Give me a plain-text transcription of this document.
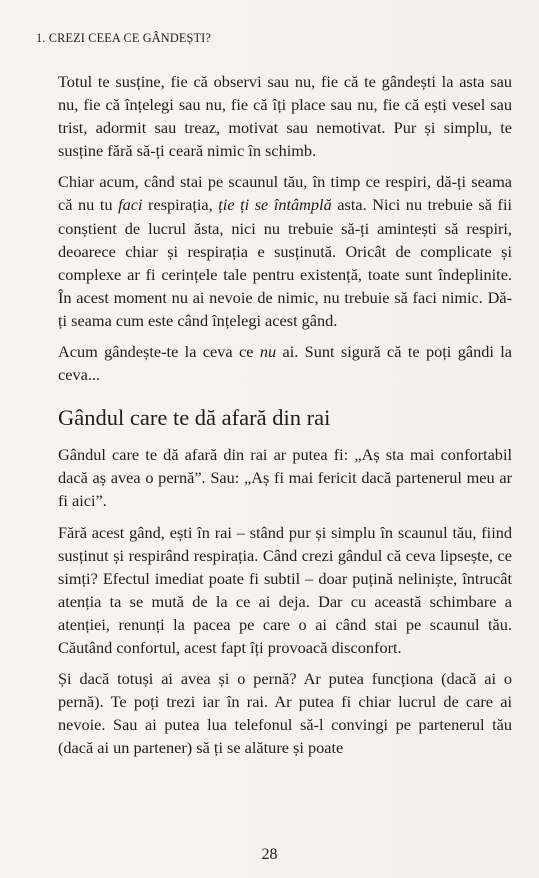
1. CREZI CEEA CE GÂNDEȘTI?

Totul te susține, fie că observi sau nu, fie că te gândești la asta sau nu, fie că înțelegi sau nu, fie că îți place sau nu, fie că ești vesel sau trist, adormit sau treaz, motivat sau nemotivat. Pur și simplu, te susține fără să-ți ceară nimic în schimb.

Chiar acum, când stai pe scaunul tău, în timp ce respiri, dă-ți seama că nu tu faci respirația, ție ți se întâmplă asta. Nici nu trebuie să fii conștient de lucrul ăsta, nici nu trebuie să-ți amintești să respiri, deoarece chiar și respirația e susținută. Oricât de complicate și complexe ar fi cerințele tale pentru existență, toate sunt îndeplinite. În acest moment nu ai nevoie de nimic, nu trebuie să faci nimic. Dă-ți seama cum este când înțelegi acest gând.

Acum gândește-te la ceva ce nu ai. Sunt sigură că te poți gândi la ceva...

Gândul care te dă afară din rai

Gândul care te dă afară din rai ar putea fi: „Aș sta mai confortabil dacă aș avea o pernă”. Sau: „Aș fi mai fericit dacă partenerul meu ar fi aici”.

Fără acest gând, ești în rai – stând pur și simplu în scaunul tău, fiind susținut și respirând respirația. Când crezi gândul că ceva lipsește, ce simți? Efectul imediat poate fi subtil – doar puțină neliniște, întrucât atenția ta se mută de la ce ai deja. Dar cu această schimbare a atenției, renunți la pacea pe care o ai când stai pe scaunul tău. Căutând confortul, acest fapt îți provoacă disconfort.

Și dacă totuși ai avea și o pernă? Ar putea funcționa (dacă ai o pernă). Te poți trezi iar în rai. Ar putea fi chiar lucrul de care ai nevoie. Sau ai putea lua telefonul să-l convingi pe partenerul tău (dacă ai un partener) să ți se alăture și poate

28
